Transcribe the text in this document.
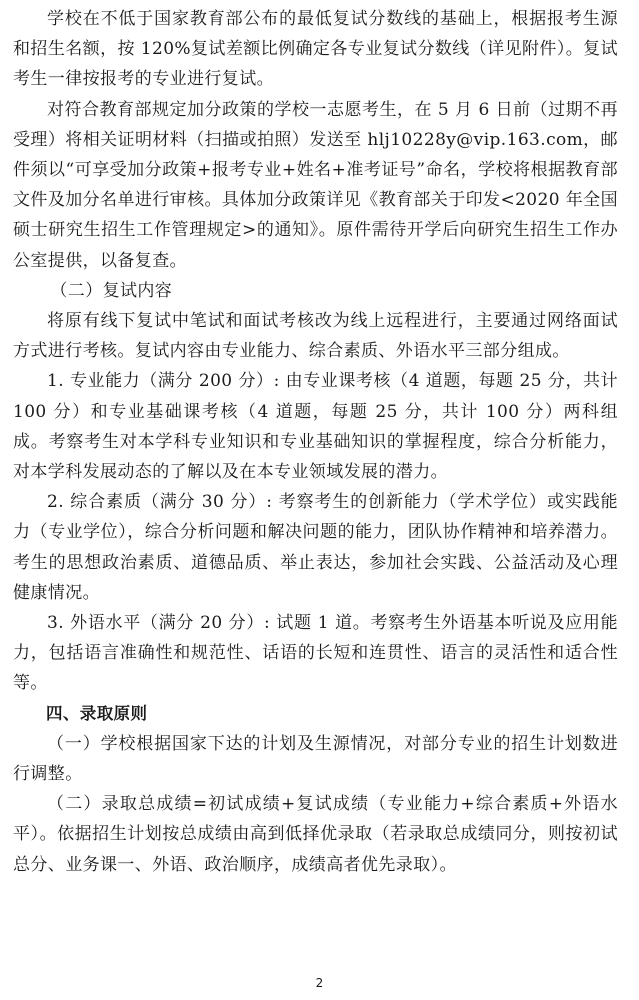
学校在不低于国家教育部公布的最低复试分数线的基础上，根据报考生源和招生名额，按 120%复试差额比例确定各专业复试分数线（详见附件）。复试考生一律按报考的专业进行复试。

对符合教育部规定加分政策的学校一志愿考生，在 5 月 6 日前（过期不再受理）将相关证明材料（扫描或拍照）发送至 hlj10228y@vip.163.com，邮件须以“可享受加分政策+报考专业+姓名+准考证号”命名，学校将根据教育部文件及加分名单进行审核。具体加分政策详见《教育部关于印发<2020 年全国硕士研究生招生工作管理规定>的通知》。原件需待开学后向研究生招生工作办公室提供，以备复查。

（二）复试内容

将原有线下复试中笔试和面试考核改为线上远程进行，主要通过网络面试方式进行考核。复试内容由专业能力、综合素质、外语水平三部分组成。

1. 专业能力（满分 200 分）: 由专业课考核（4 道题，每题 25 分，共计 100 分）和专业基础课考核（4 道题，每题 25 分，共计 100 分）两科组成。考察考生对本学科专业知识和专业基础知识的掌握程度，综合分析能力，对本学科发展动态的了解以及在本专业领域发展的潜力。

2. 综合素质（满分 30 分）: 考察考生的创新能力（学术学位）或实践能力（专业学位），综合分析问题和解决问题的能力，团队协作精神和培养潜力。考生的思想政治素质、道德品质、举止表达，参加社会实践、公益活动及心理健康情况。

3. 外语水平（满分 20 分）: 试题 1 道。考察考生外语基本听说及应用能力，包括语言准确性和规范性、话语的长短和连贯性、语言的灵活性和适合性等。

四、录取原则

（一）学校根据国家下达的计划及生源情况，对部分专业的招生计划数进行调整。

（二）录取总成绩=初试成绩+复试成绩（专业能力+综合素质+外语水平）。依据招生计划按总成绩由高到低择优录取（若录取总成绩同分，则按初试总分、业务课一、外语、政治顺序，成绩高者优先录取）。

2
